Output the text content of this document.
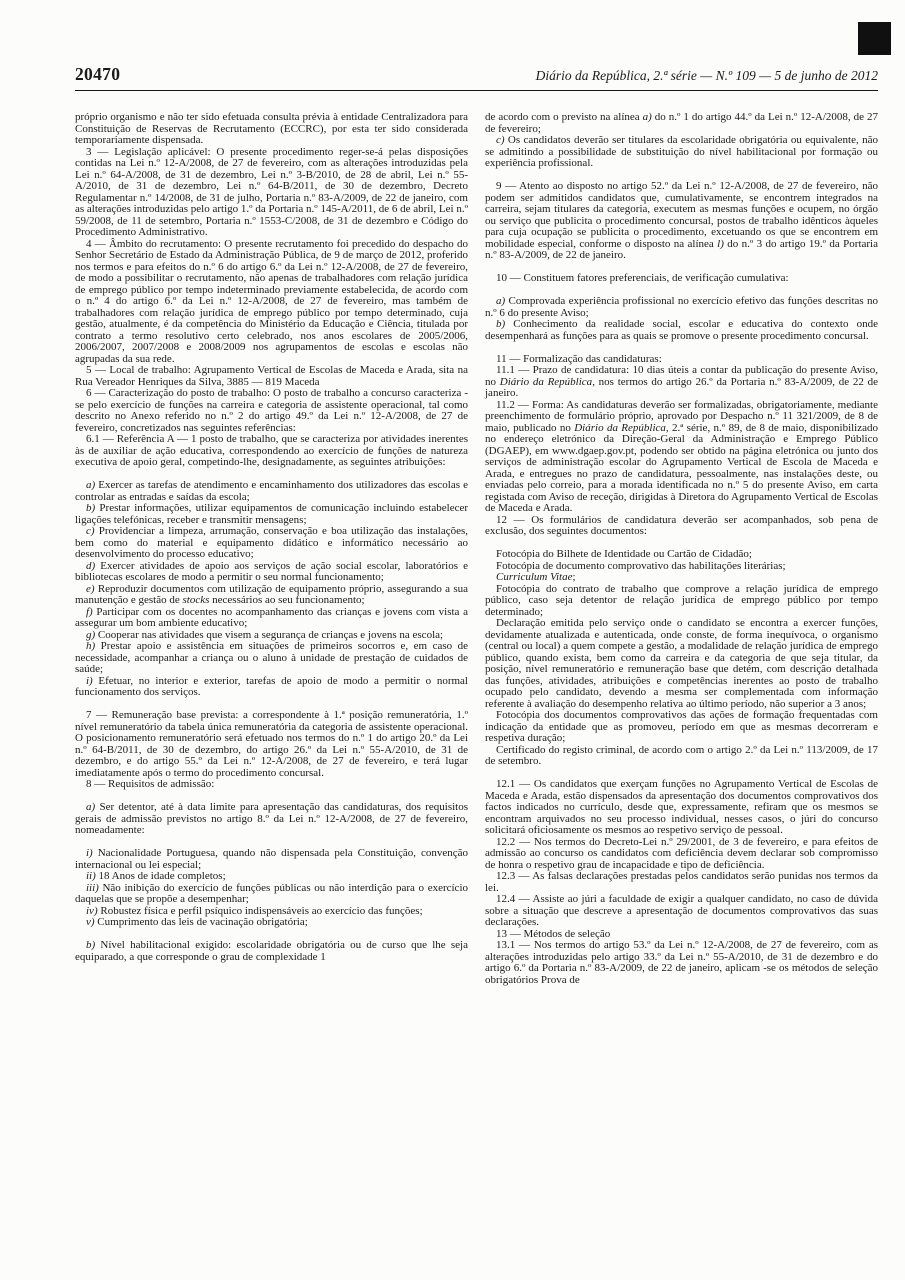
20470	Diário da República, 2.ª série — N.º 109 — 5 de junho de 2012

próprio organismo e não ter sido efetuada consulta prévia à entidade Centralizadora para Constituição de Reservas de Recrutamento (ECCRC), por esta ter sido considerada temporariamente dispensada.

3 — Legislação aplicável: O presente procedimento reger-se-á pelas disposições contidas na Lei n.º 12-A/2008, de 27 de fevereiro, com as alterações introduzidas pela Lei n.º 64-A/2008, de 31 de dezembro, Lei n.º 3-B/2010, de 28 de abril, Lei n.º 55-A/2010, de 31 de dezembro, Lei n.º 64-B/2011, de 30 de dezembro, Decreto Regulamentar n.º 14/2008, de 31 de julho, Portaria n.º 83-A/2009, de 22 de janeiro, com as alterações introduzidas pelo artigo 1.º da Portaria n.º 145-A/2011, de 6 de abril, Lei n.º 59/2008, de 11 de setembro, Portaria n.º 1553-C/2008, de 31 de dezembro e Código do Procedimento Administrativo.

4 — Âmbito do recrutamento: O presente recrutamento foi precedido do despacho do Senhor Secretário de Estado da Administração Pública, de 9 de março de 2012, proferido nos termos e para efeitos do n.º 6 do artigo 6.º da Lei n.º 12-A/2008, de 27 de fevereiro, de modo a possibilitar o recrutamento, não apenas de trabalhadores com relação jurídica de emprego público por tempo indeterminado previamente estabelecida, de acordo com o n.º 4 do artigo 6.º da Lei n.º 12-A/2008, de 27 de fevereiro, mas também de trabalhadores com relação jurídica de emprego público por tempo determinado, cuja gestão, atualmente, é da competência do Ministério da Educação e Ciência, titulada por contrato a termo resolutivo certo celebrado, nos anos escolares de 2005/2006, 2006/2007, 2007/2008 e 2008/2009 nos agrupamentos de escolas e escolas não agrupadas da sua rede.

5 — Local de trabalho: Agrupamento Vertical de Escolas de Maceda e Arada, sita na Rua Vereador Henriques da Silva, 3885 — 819 Maceda

6 — Caracterização do posto de trabalho: O posto de trabalho a concurso caracteriza -se pelo exercício de funções na carreira e categoria de assistente operacional, tal como descrito no Anexo referido no n.º 2 do artigo 49.º da Lei n.º 12-A/2008, de 27 de fevereiro, concretizados nas seguintes referências:

6.1 — Referência A — 1 posto de trabalho, que se caracteriza por atividades inerentes às de auxiliar de ação educativa, correspondendo ao exercício de funções de natureza executiva de apoio geral, competindo-lhe, designadamente, as seguintes atribuições:

a) Exercer as tarefas de atendimento e encaminhamento dos utilizadores das escolas e controlar as entradas e saídas da escola;

b) Prestar informações, utilizar equipamentos de comunicação incluindo estabelecer ligações telefónicas, receber e transmitir mensagens;

c) Providenciar a limpeza, arrumação, conservação e boa utilização das instalações, bem como do material e equipamento didático e informático necessário ao desenvolvimento do processo educativo;

d) Exercer atividades de apoio aos serviços de ação social escolar, laboratórios e bibliotecas escolares de modo a permitir o seu normal funcionamento;

e) Reproduzir documentos com utilização de equipamento próprio, assegurando a sua manutenção e gestão de stocks necessários ao seu funcionamento;

f) Participar com os docentes no acompanhamento das crianças e jovens com vista a assegurar um bom ambiente educativo;

g) Cooperar nas atividades que visem a segurança de crianças e jovens na escola;

h) Prestar apoio e assistência em situações de primeiros socorros e, em caso de necessidade, acompanhar a criança ou o aluno à unidade de prestação de cuidados de saúde;

i) Efetuar, no interior e exterior, tarefas de apoio de modo a permitir o normal funcionamento dos serviços.

7 — Remuneração base prevista: a correspondente à 1.ª posição remuneratória, 1.º nível remuneratório da tabela única remuneratória da categoria de assistente operacional. O posicionamento remuneratório será efetuado nos termos do n.º 1 do artigo 20.º da Lei n.º 64-B/2011, de 30 de dezembro, do artigo 26.º da Lei n.º 55-A/2010, de 31 de dezembro, e do artigo 55.º da Lei n.º 12-A/2008, de 27 de fevereiro, e terá lugar imediatamente após o termo do procedimento concursal.

8 — Requisitos de admissão:

a) Ser detentor, até à data limite para apresentação das candidaturas, dos requisitos gerais de admissão previstos no artigo 8.º da Lei n.º 12-A/2008, de 27 de fevereiro, nomeadamente:

i) Nacionalidade Portuguesa, quando não dispensada pela Constituição, convenção internacional ou lei especial;

ii) 18 Anos de idade completos;

iii) Não inibição do exercício de funções públicas ou não interdição para o exercício daquelas que se propõe a desempenhar;

iv) Robustez física e perfil psíquico indispensáveis ao exercício das funções;

v) Cumprimento das leis de vacinação obrigatória;

b) Nível habilitacional exigido: escolaridade obrigatória ou de curso que lhe seja equiparado, a que corresponde o grau de complexidade 1

de acordo com o previsto na alínea a) do n.º 1 do artigo 44.º da Lei n.º 12-A/2008, de 27 de fevereiro;

c) Os candidatos deverão ser titulares da escolaridade obrigatória ou equivalente, não se admitindo a possibilidade de substituição do nível habilitacional por formação ou experiência profissional.

9 — Atento ao disposto no artigo 52.º da Lei n.º 12-A/2008, de 27 de fevereiro, não podem ser admitidos candidatos que, cumulativamente, se encontrem integrados na carreira, sejam titulares da categoria, executem as mesmas funções e ocupem, no órgão ou serviço que publicita o procedimento concursal, postos de trabalho idênticos àqueles para cuja ocupação se publicita o procedimento, excetuando os que se encontrem em mobilidade especial, conforme o disposto na alínea l) do n.º 3 do artigo 19.º da Portaria n.º 83-A/2009, de 22 de janeiro.

10 — Constituem fatores preferenciais, de verificação cumulativa:

a) Comprovada experiência profissional no exercício efetivo das funções descritas no n.º 6 do presente Aviso;

b) Conhecimento da realidade social, escolar e educativa do contexto onde desempenhará as funções para as quais se promove o presente procedimento concursal.

11 — Formalização das candidaturas:

11.1 — Prazo de candidatura: 10 dias úteis a contar da publicação do presente Aviso, no Diário da República, nos termos do artigo 26.º da Portaria n.º 83-A/2009, de 22 de janeiro.

11.2 — Forma: As candidaturas deverão ser formalizadas, obrigatoriamente, mediante preenchimento de formulário próprio, aprovado por Despacho n.º 11 321/2009, de 8 de maio, publicado no Diário da República, 2.ª série, n.º 89, de 8 de maio, disponibilizado no endereço eletrónico da Direção-Geral da Administração e Emprego Público (DGAEP), em www.dgaep.gov.pt, podendo ser obtido na página eletrónica ou junto dos serviços de administração escolar do Agrupamento Vertical de Escola de Maceda e Arada, e entregues no prazo de candidatura, pessoalmente, nas instalações deste, ou enviadas pelo correio, para a morada identificada no n.º 5 do presente Aviso, em carta registada com Aviso de receção, dirigidas à Diretora do Agrupamento Vertical de Escolas de Maceda e Arada.

12 — Os formulários de candidatura deverão ser acompanhados, sob pena de exclusão, dos seguintes documentos:

Fotocópia do Bilhete de Identidade ou Cartão de Cidadão;

Fotocópia de documento comprovativo das habilitações literárias;

Curriculum Vitae;

Fotocópia do contrato de trabalho que comprove a relação jurídica de emprego público, caso seja detentor de relação jurídica de emprego público por tempo determinado;

Declaração emitida pelo serviço onde o candidato se encontra a exercer funções, devidamente atualizada e autenticada, onde conste, de forma inequívoca, o organismo (central ou local) a quem compete a gestão, a modalidade de relação jurídica de emprego público, quando exista, bem como da carreira e da categoria de que seja titular, da posição, nível remuneratório e remuneração base que detém, com descrição detalhada das funções, atividades, atribuições e competências inerentes ao posto de trabalho ocupado pelo candidato, devendo a mesma ser complementada com informação referente à avaliação do desempenho relativa ao último período, não superior a 3 anos;

Fotocópia dos documentos comprovativos das ações de formação frequentadas com indicação da entidade que as promoveu, período em que as mesmas decorreram e respetiva duração;

Certificado do registo criminal, de acordo com o artigo 2.º da Lei n.º 113/2009, de 17 de setembro.

12.1 — Os candidatos que exerçam funções no Agrupamento Vertical de Escolas de Maceda e Arada, estão dispensados da apresentação dos documentos comprovativos dos factos indicados no currículo, desde que, expressamente, refiram que os mesmos se encontram arquivados no seu processo individual, nesses casos, o júri do concurso solicitará oficiosamente os mesmos ao respetivo serviço de pessoal.

12.2 — Nos termos do Decreto-Lei n.º 29/2001, de 3 de fevereiro, e para efeitos de admissão ao concurso os candidatos com deficiência devem declarar sob compromisso de honra o respetivo grau de incapacidade e tipo de deficiência.

12.3 — As falsas declarações prestadas pelos candidatos serão punidas nos termos da lei.

12.4 — Assiste ao júri a faculdade de exigir a qualquer candidato, no caso de dúvida sobre a situação que descreve a apresentação de documentos comprovativos das suas declarações.

13 — Métodos de seleção

13.1 — Nos termos do artigo 53.º da Lei n.º 12-A/2008, de 27 de fevereiro, com as alterações introduzidas pelo artigo 33.º da Lei n.º 55-A/2010, de 31 de dezembro e do artigo 6.º da Portaria n.º 83-A/2009, de 22 de janeiro, aplicam -se os métodos de seleção obrigatórios Prova de
